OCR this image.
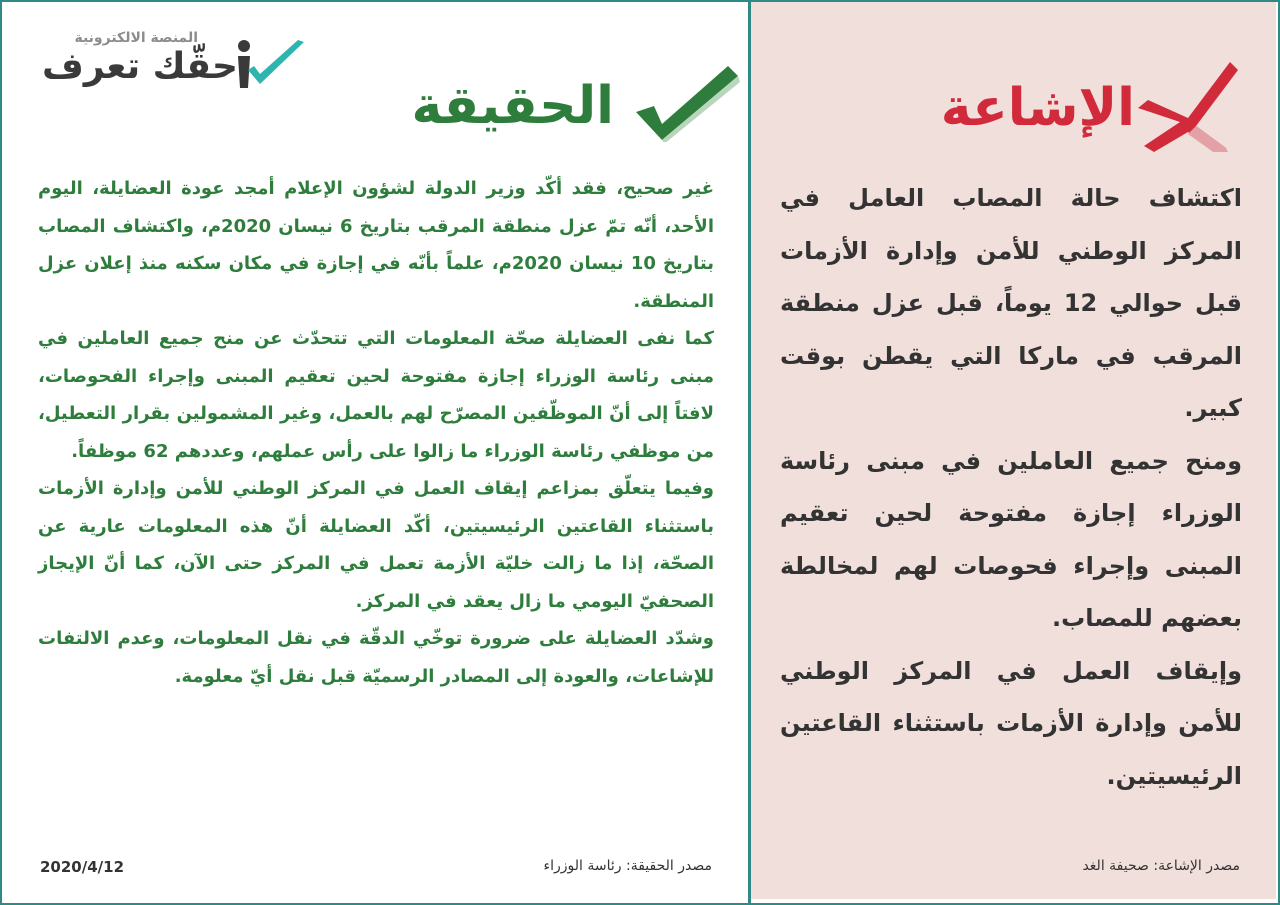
المنصة الالكترونية
حقّك تعرف
الحقيقة	الإشاعة

غير صحيح، فقد أكّد وزير الدولة لشؤون الإعلام أمجد عودة العضايلة، اليوم الأحد، أنّه تمّ عزل منطقة المرقب بتاريخ 6 نيسان 2020م، واكتشاف المصاب بتاريخ 10 نيسان 2020م، علماً بأنّه في إجازة في مكان سكنه منذ إعلان عزل المنطقة.

كما نفى العضايلة صحّة المعلومات التي تتحدّث عن منح جميع العاملين في مبنى رئاسة الوزراء إجازة مفتوحة لحين تعقيم المبنى وإجراء الفحوصات، لافتاً إلى أنّ الموظّفين المصرّح لهم بالعمل، وغير المشمولين بقرار التعطيل، من موظفي رئاسة الوزراء ما زالوا على رأس عملهم، وعددهم 62 موظفاً.

وفيما يتعلّق بمزاعم إيقاف العمل في المركز الوطني للأمن وإدارة الأزمات باستثناء القاعتين الرئيسيتين، أكّد العضايلة أنّ هذه المعلومات عارية عن الصحّة، إذا ما زالت خليّة الأزمة تعمل في المركز حتى الآن، كما أنّ الإيجاز الصحفيّ اليومي ما زال يعقد في المركز.

وشدّد العضايلة على ضرورة توخّي الدقّة في نقل المعلومات، وعدم الالتفات للإشاعات، والعودة إلى المصادر الرسميّة قبل نقل أيّ معلومة.

اكتشاف حالة المصاب العامل في المركز الوطني للأمن وإدارة الأزمات قبل حوالي 12 يوماً، قبل عزل منطقة المرقب في ماركا التي يقطن بوقت كبير.

ومنح جميع العاملين في مبنى رئاسة الوزراء إجازة مفتوحة لحين تعقيم المبنى وإجراء فحوصات لهم لمخالطة بعضهم للمصاب.

وإيقاف العمل في المركز الوطني للأمن وإدارة الأزمات باستثناء القاعتين الرئيسيتين.

مصدر الحقيقة: رئاسة الوزراء
2020/4/12	مصدر الإشاعة: صحيفة الغد
